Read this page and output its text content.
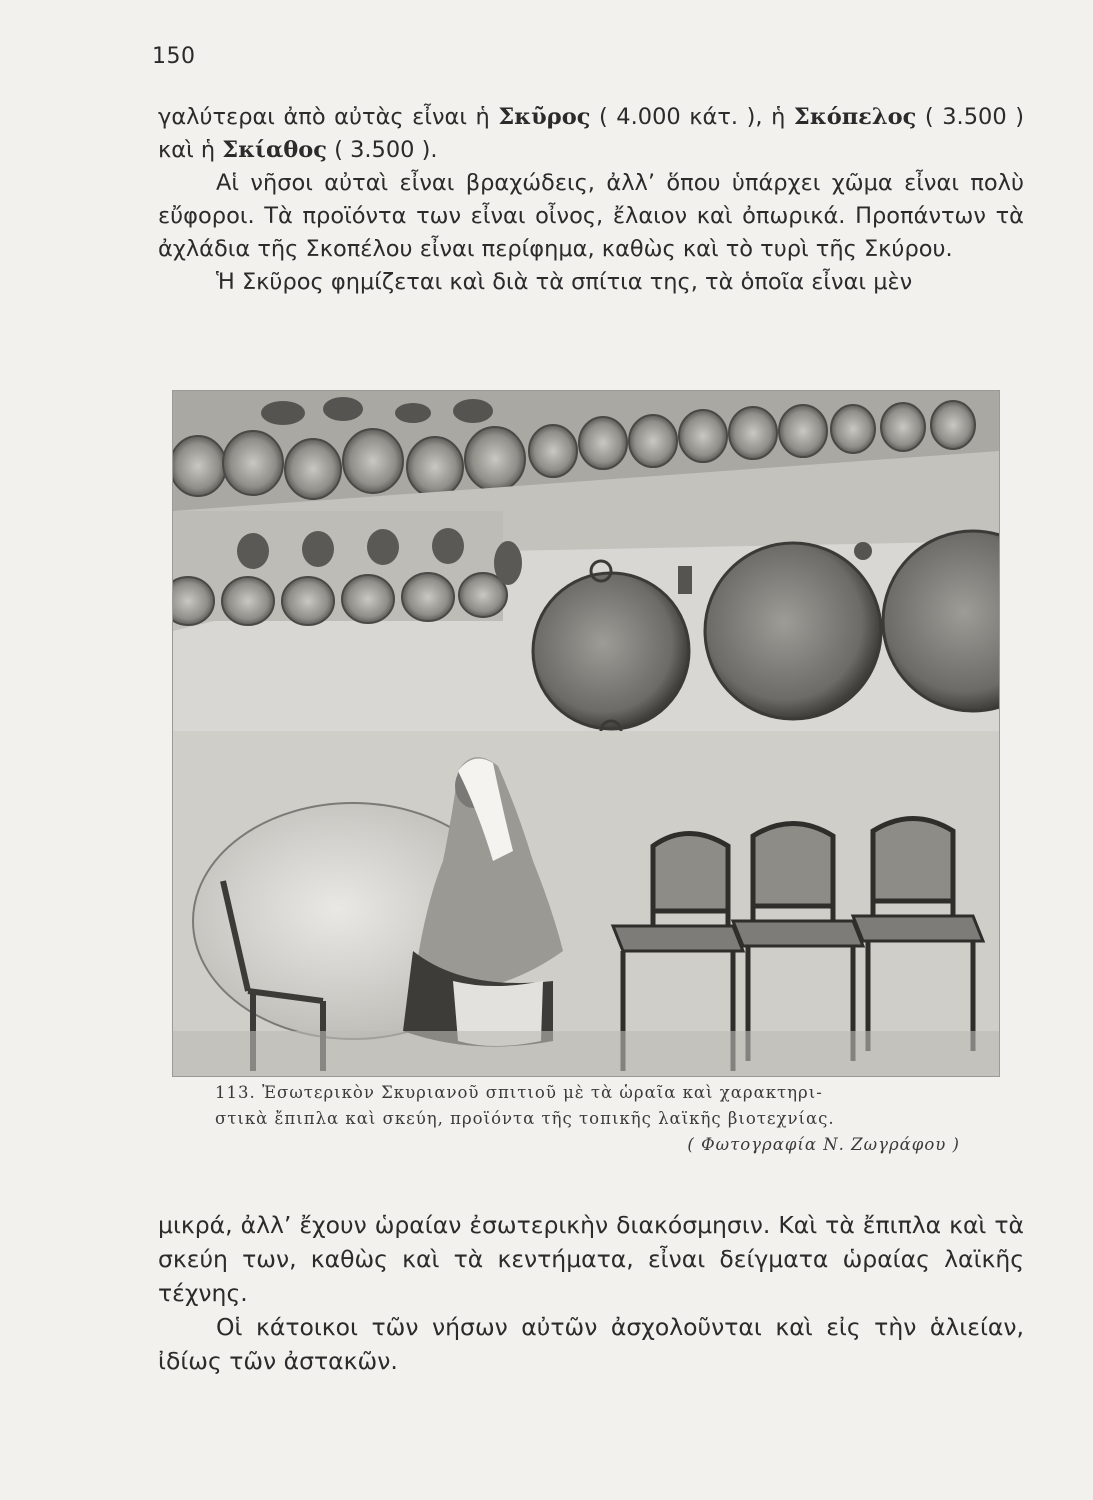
150

γαλύτεραι ἀπὸ αὐτὰς εἶναι ἡ Σκῦρος ( 4.000 κάτ. ), ἡ Σκόπελος ( 3.500 ) καὶ ἡ Σκίαθος ( 3.500 ).

Αἱ νῆσοι αὐταὶ εἶναι βραχώδεις, ἀλλ’ ὅπου ὑπάρχει χῶμα εἶναι πολὺ εὔφοροι. Τὰ προϊόντα των εἶναι οἶνος, ἔλαιον καὶ ὀπωρικά. Προπάντων τὰ ἀχλάδια τῆς Σκοπέλου εἶναι περίφημα, καθὼς καὶ τὸ τυρὶ τῆς Σκύρου.

Ἡ Σκῦρος φημίζεται καὶ διὰ τὰ σπίτια της, τὰ ὁποῖα εἶναι μὲν

113. Ἐσωτερικὸν Σκυριανοῦ σπιτιοῦ μὲ τὰ ὡραῖα καὶ χαρακτηρι-
στικὰ ἔπιπλα καὶ σκεύη, προϊόντα τῆς τοπικῆς λαϊκῆς βιοτεχνίας.
( Φωτογραφία Ν. Ζωγράφου )

μικρά, ἀλλ’ ἔχουν ὡραίαν ἐσωτερικὴν διακόσμησιν. Καὶ τὰ ἔπιπλα καὶ τὰ σκεύη των, καθὼς καὶ τὰ κεντήματα, εἶναι δείγματα ὡραίας λαϊκῆς τέχνης.

Οἱ κάτοικοι τῶν νήσων αὐτῶν ἀσχολοῦνται καὶ εἰς τὴν ἁλιείαν, ἰδίως τῶν ἀστακῶν.
